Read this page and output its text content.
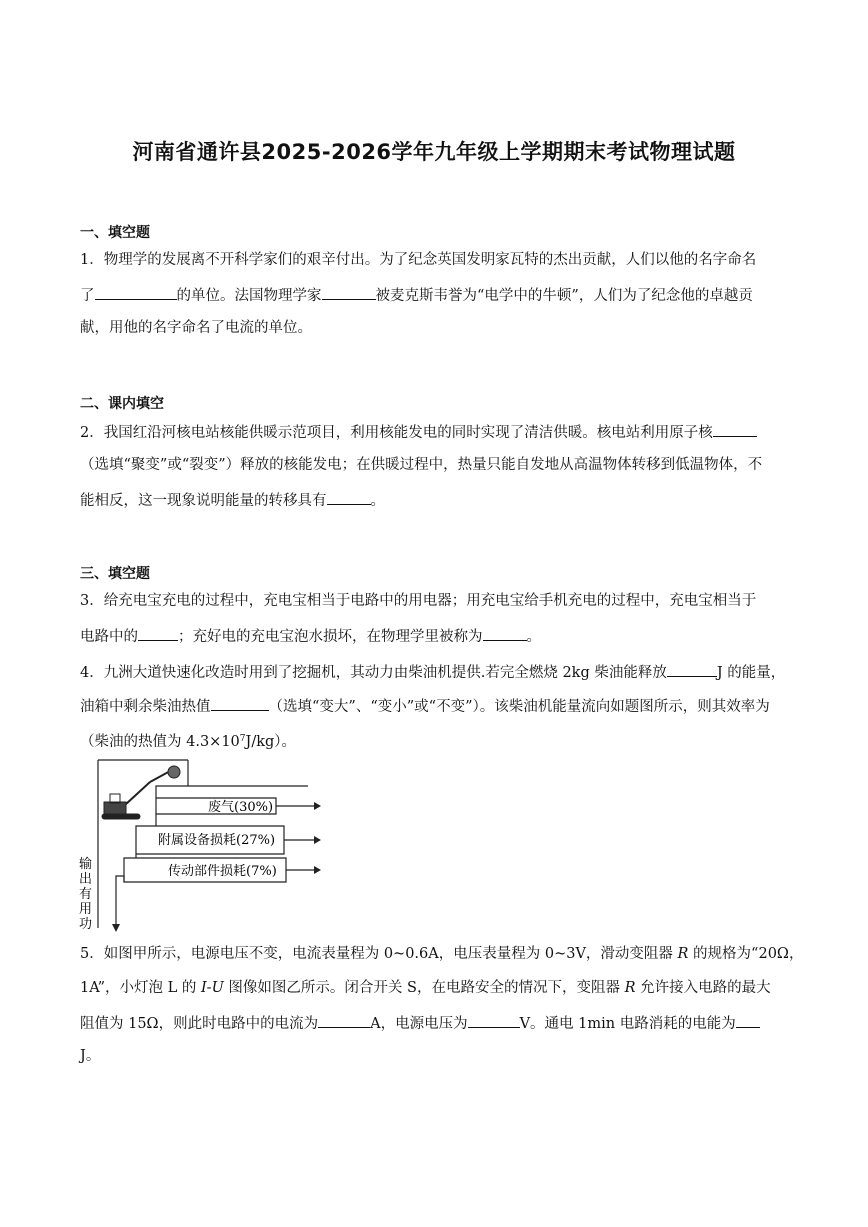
河南省通许县2025-2026学年九年级上学期期末考试物理试题
一、填空题
1．物理学的发展离不开科学家们的艰辛付出。为了纪念英国发明家瓦特的杰出贡献，人们以他的名字命名
了	的单位。法国物理学家	被麦克斯韦誉为“电学中的牛顿”，人们为了纪念他的卓越贡
献，用他的名字命名了电流的单位。
二、课内填空
2．我国红沿河核电站核能供暖示范项目，利用核能发电的同时实现了清洁供暖。核电站利用原子核
（选填“聚变”或“裂变”）释放的核能发电；在供暖过程中，热量只能自发地从高温物体转移到低温物体，不
能相反，这一现象说明能量的转移具有	。
三、填空题
3．给充电宝充电的过程中，充电宝相当于电路中的用电器；用充电宝给手机充电的过程中，充电宝相当于
电路中的	；充好电的充电宝泡水损坏，在物理学里被称为	。
4．九洲大道快速化改造时用到了挖掘机，其动力由柴油机提供.若完全燃烧 2kg 柴油能释放	J 的能量，
油箱中剩余柴油热值	（选填“变大”、“变小”或“不变”）。该柴油机能量流向如题图所示，则其效率为
（柴油的热值为 $4.3\times 10^7J/kg$）。
废气(30%)
附属设备损耗(27%)
传动部件损耗(7%)
输
出
有
用
功
5．如图甲所示，电源电压不变，电流表量程为 0~0.6A，电压表量程为 0~3V，滑动变阻器 R 的规格为“20Ω，
1A”，小灯泡 L 的 I-U 图像如图乙所示。闭合开关 S，在电路安全的情况下，变阻器 R 允许接入电路的最大
阻值为 15Ω，则此时电路中的电流为	A，电源电压为	V。通电 1min 电路消耗的电能为
J。
